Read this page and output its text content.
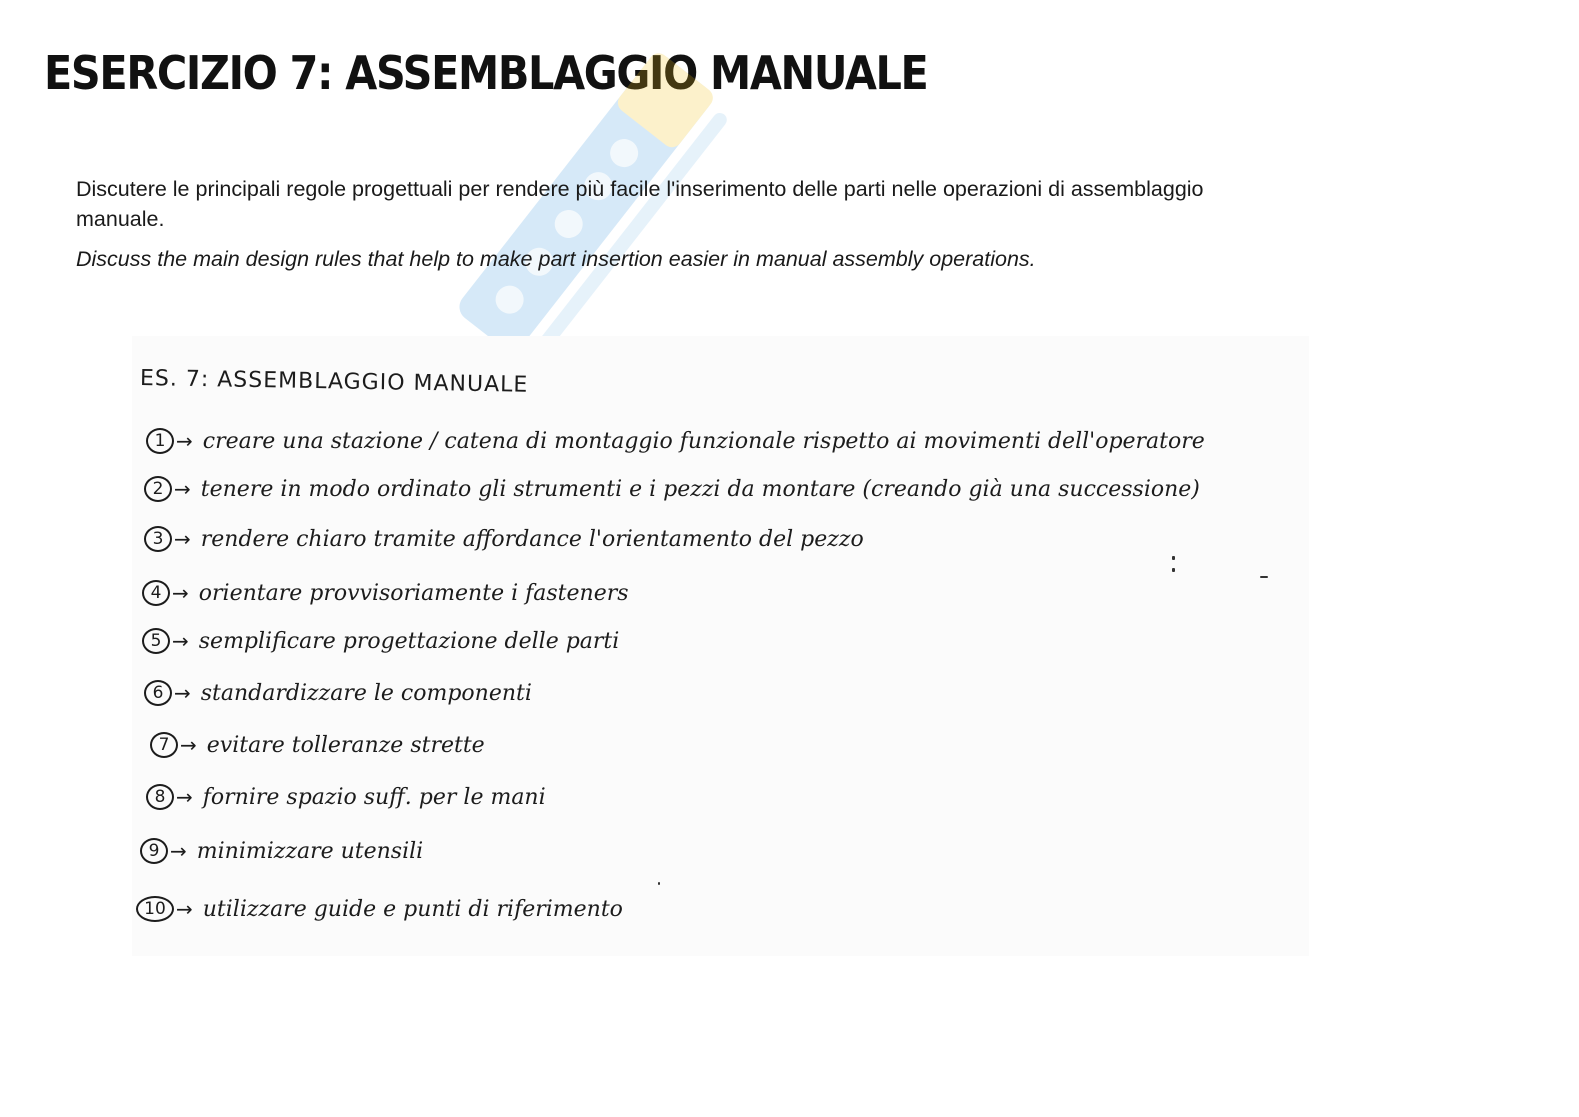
ESERCIZIO 7: ASSEMBLAGGIO MANUALE

Discutere le principali regole progettuali per rendere più facile l'inserimento delle parti nelle operazioni di assemblaggio manuale.

Discuss the main design rules that help to make part insertion easier in manual assembly operations.

ES. 7: ASSEMBLAGGIO MANUALE
1 → creare una stazione / catena di montaggio funzionale rispetto ai movimenti dell'operatore
2 → tenere in modo ordinato gli strumenti e i pezzi da montare (creando già una successione)
3 → rendere chiaro tramite affordance l'orientamento del pezzo
4 → orientare provvisoriamente i fasteners
5 → semplificare progettazione delle parti
6 → standardizzare le componenti
7 → evitare tolleranze strette
8 → fornire spazio suff. per le mani
9 → minimizzare utensili
10 → utilizzare guide e punti di riferimento
